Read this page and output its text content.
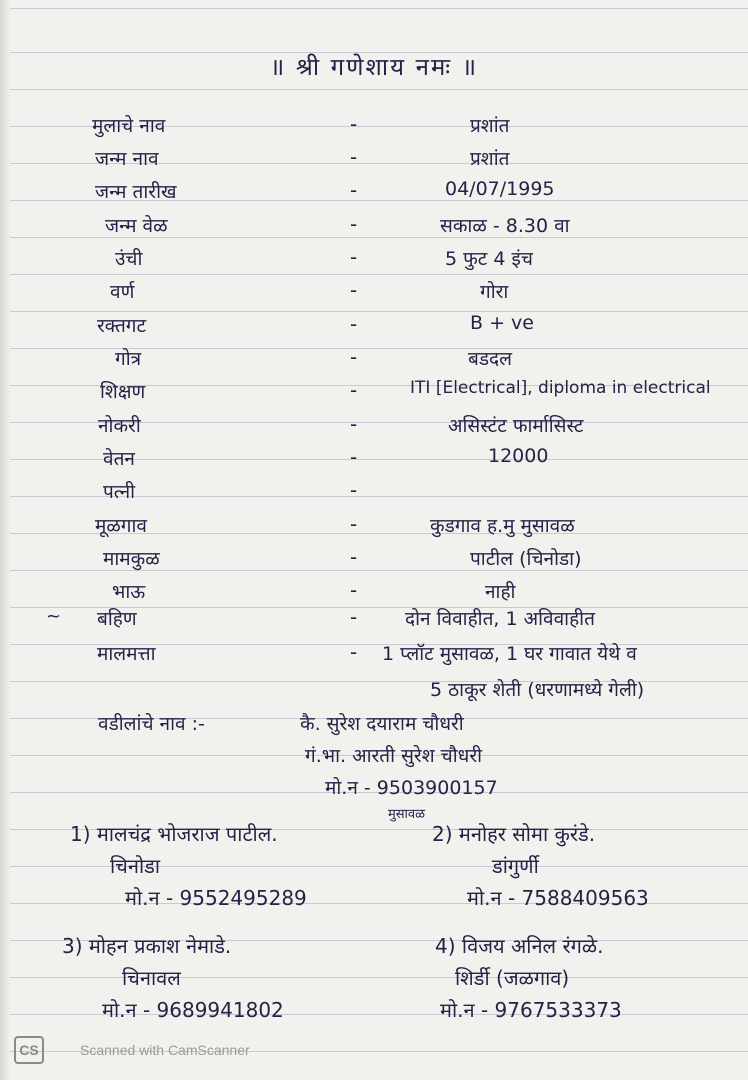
॥ श्री गणेशाय नमः ॥
मुलाचे नाव	-	प्रशांत
जन्म नाव	-	प्रशांत
जन्म तारीख	-	04/07/1995
जन्म वेळ	-	सकाळ - 8.30 वा
उंची	-	5 फुट 4 इंच
वर्ण	-	गोरा
रक्तगट	-	B + ve
गोत्र	-	बडदल
शिक्षण	-	ITI [Electrical], diploma in electrical
नोकरी	-	असिस्टंट फार्मासिस्ट
वेतन	-	12000
पत्नी	-
मूळगाव	-	कुडगाव ह.मु मुसावळ
मामकुळ	-	पाटील (चिनोडा)
भाऊ	-	नाही
बहिण	-	दोन विवाहीत, 1 अविवाहीत
मालमत्ता	- 1 प्लॉट मुसावळ, 1 घर गावात येथे व
~
5 ठाकूर शेती (धरणामध्ये गेली)
वडीलांचे नाव :-	कै. सुरेश दयाराम चौधरी
गं.भा. आरती सुरेश चौधरी
मो.न - 9503900157
मुसावळ
1) मालचंद्र भोजराज पाटील.
चिनोडा
मो.न - 9552495289
2) मनोहर सोमा कुरंडे.
डांगुर्णी
मो.न - 7588409563
3) मोहन प्रकाश नेमाडे.
चिनावल
मो.न - 9689941802
4) विजय अनिल रंगळे.
शिर्डी (जळगाव)
मो.न - 9767533373
CS	Scanned with CamScanner
